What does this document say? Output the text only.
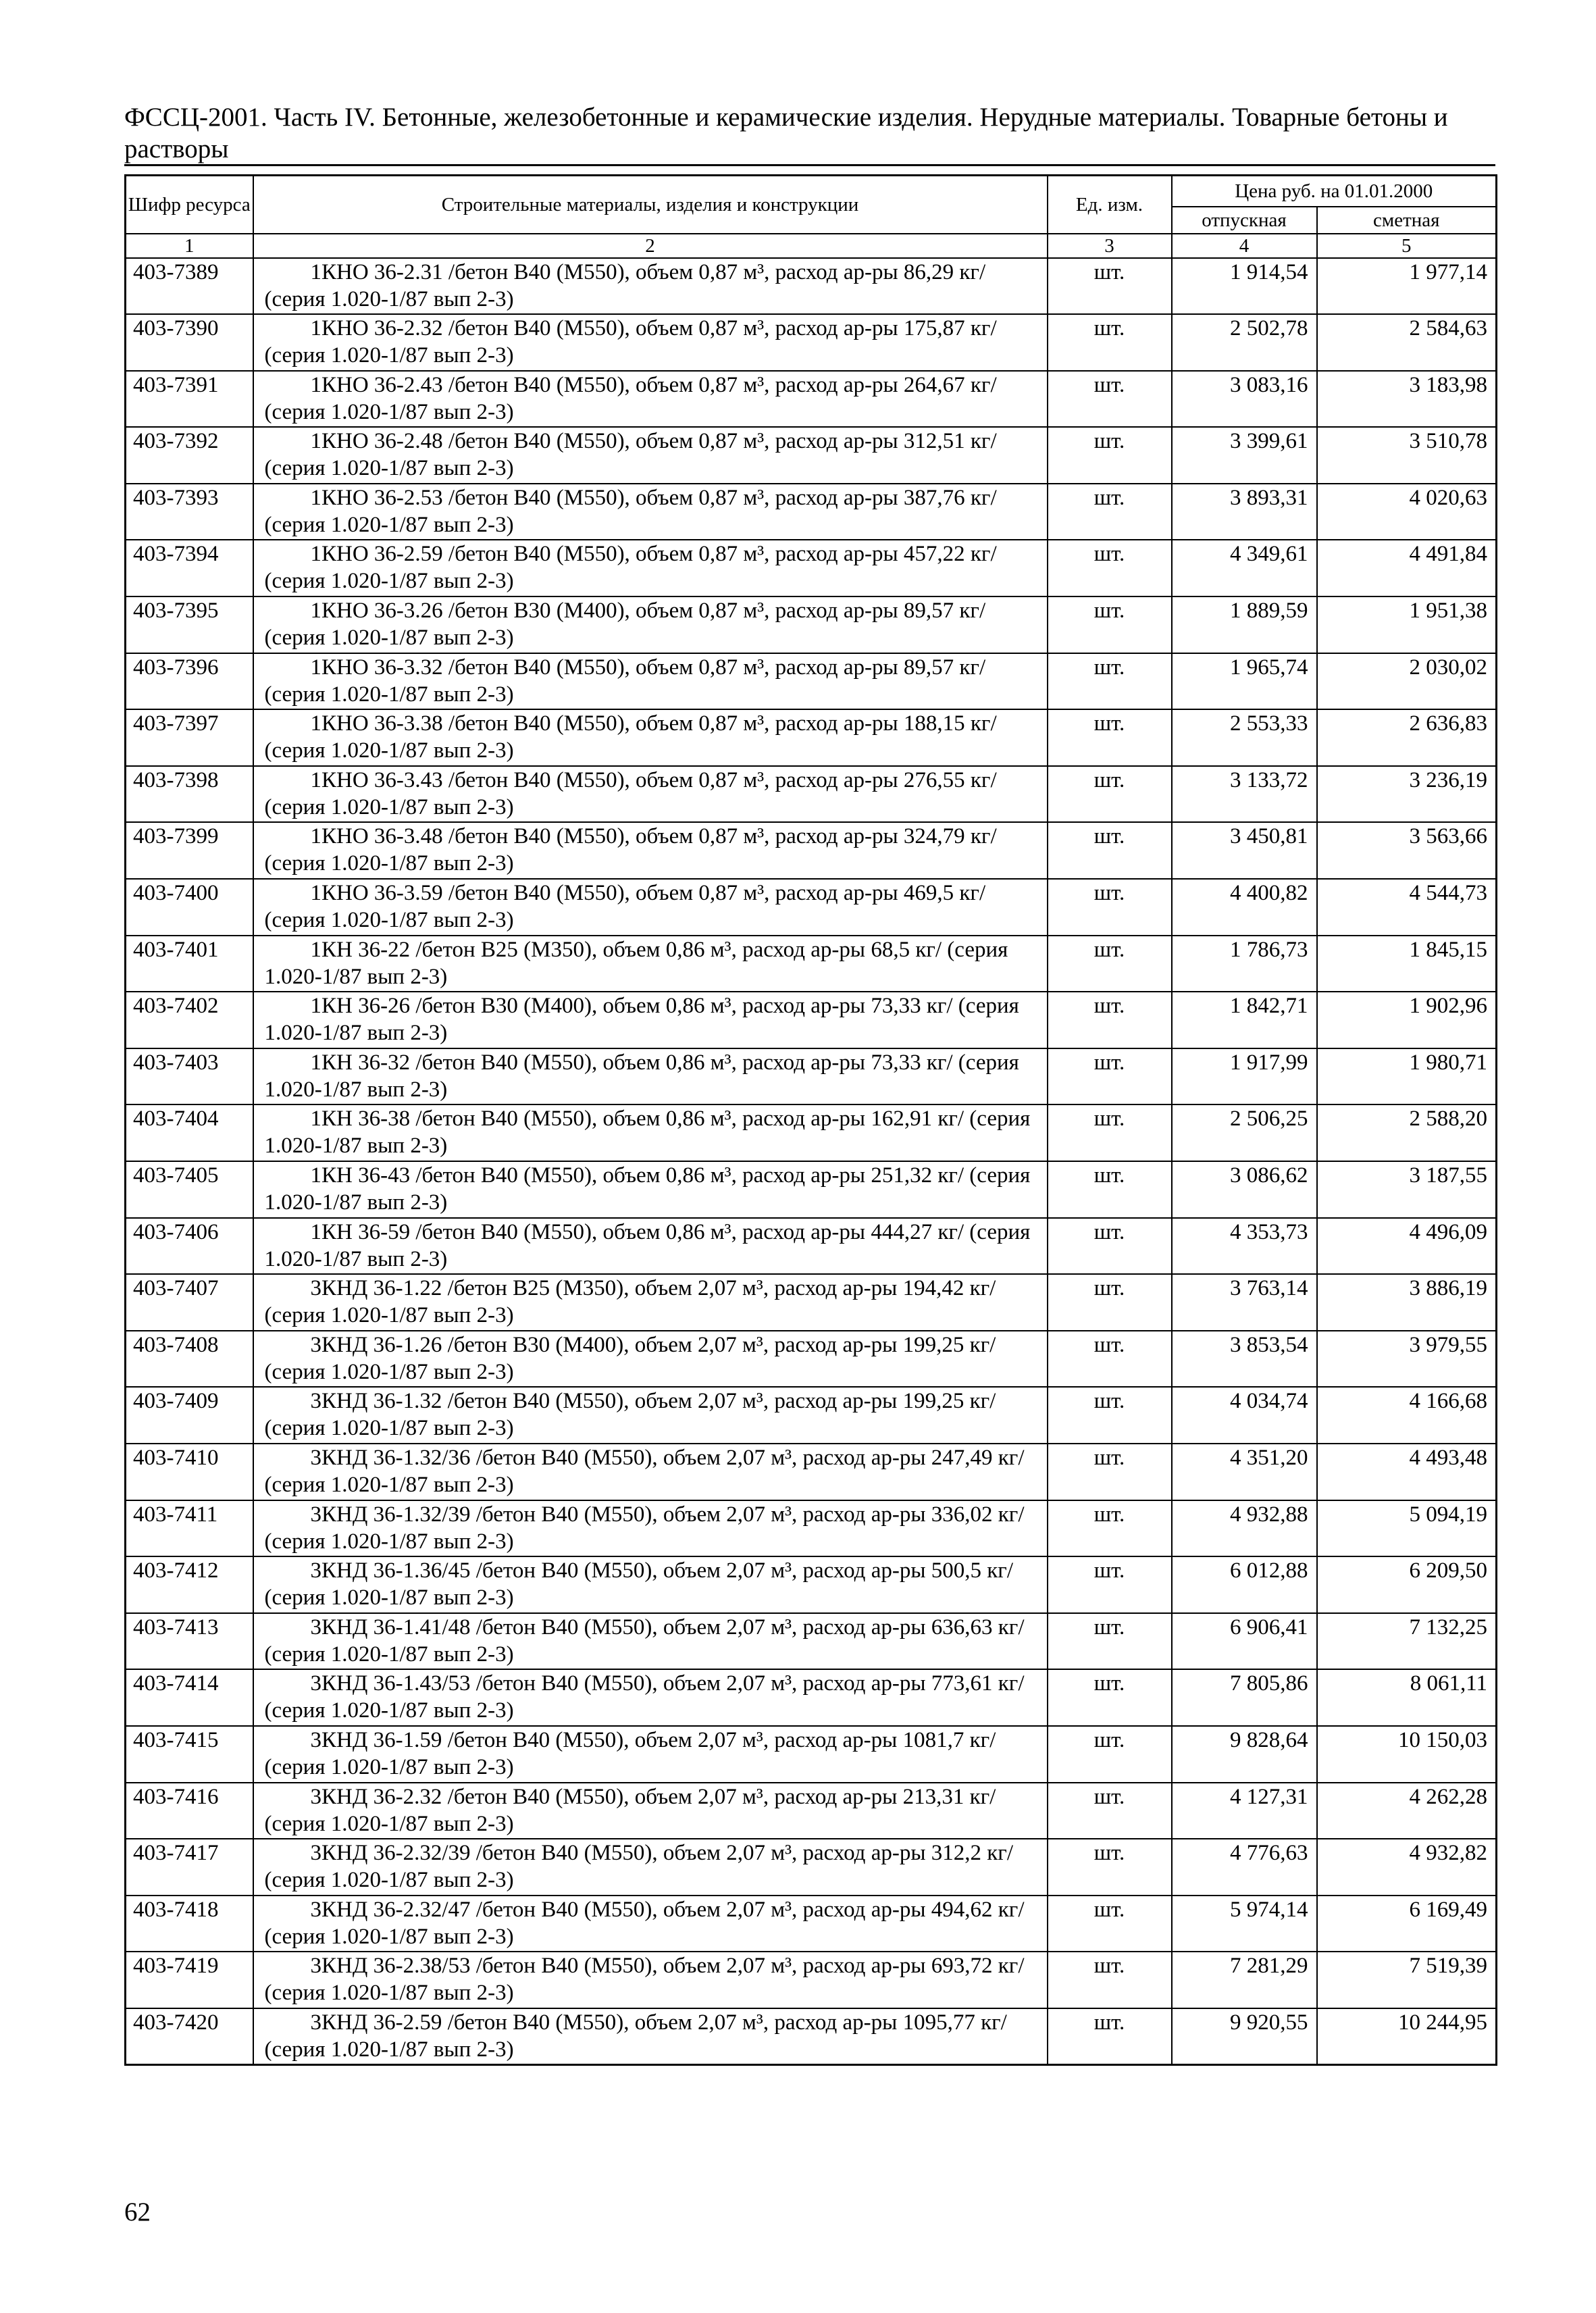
ФССЦ-2001. Часть IV. Бетонные, железобетонные и керамические изделия. Нерудные материалы. Товарные бетоны и растворы
Шифр ресурса	Строительные материалы, изделия и конструкции	Ед. изм.	Цена руб. на 01.01.2000	
			отпускная	сметная
1	2	3	4	5
403-7389	1КНО 36-2.31 /бетон В40 (М550), объем 0,87 м³, расход ар-ры 86,29 кг/ (серия 1.020-1/87 вып 2-3)	шт.	1 914,54	1 977,14
403-7390	1КНО 36-2.32 /бетон В40 (М550), объем 0,87 м³, расход ар-ры 175,87 кг/ (серия 1.020-1/87 вып 2-3)	шт.	2 502,78	2 584,63
403-7391	1КНО 36-2.43 /бетон В40 (М550), объем 0,87 м³, расход ар-ры 264,67 кг/ (серия 1.020-1/87 вып 2-3)	шт.	3 083,16	3 183,98
403-7392	1КНО 36-2.48 /бетон В40 (М550), объем 0,87 м³, расход ар-ры 312,51 кг/ (серия 1.020-1/87 вып 2-3)	шт.	3 399,61	3 510,78
403-7393	1КНО 36-2.53 /бетон В40 (М550), объем 0,87 м³, расход ар-ры 387,76 кг/ (серия 1.020-1/87 вып 2-3)	шт.	3 893,31	4 020,63
403-7394	1КНО 36-2.59 /бетон В40 (М550), объем 0,87 м³, расход ар-ры 457,22 кг/ (серия 1.020-1/87 вып 2-3)	шт.	4 349,61	4 491,84
403-7395	1КНО 36-3.26 /бетон В30 (М400), объем 0,87 м³, расход ар-ры 89,57 кг/ (серия 1.020-1/87 вып 2-3)	шт.	1 889,59	1 951,38
403-7396	1КНО 36-3.32 /бетон В40 (М550), объем 0,87 м³, расход ар-ры 89,57 кг/ (серия 1.020-1/87 вып 2-3)	шт.	1 965,74	2 030,02
403-7397	1КНО 36-3.38 /бетон В40 (М550), объем 0,87 м³, расход ар-ры 188,15 кг/ (серия 1.020-1/87 вып 2-3)	шт.	2 553,33	2 636,83
403-7398	1КНО 36-3.43 /бетон В40 (М550), объем 0,87 м³, расход ар-ры 276,55 кг/ (серия 1.020-1/87 вып 2-3)	шт.	3 133,72	3 236,19
403-7399	1КНО 36-3.48 /бетон В40 (М550), объем 0,87 м³, расход ар-ры 324,79 кг/ (серия 1.020-1/87 вып 2-3)	шт.	3 450,81	3 563,66
403-7400	1КНО 36-3.59 /бетон В40 (М550), объем 0,87 м³, расход ар-ры 469,5 кг/ (серия 1.020-1/87 вып 2-3)	шт.	4 400,82	4 544,73
403-7401	1КН 36-22 /бетон В25 (М350), объем 0,86 м³, расход ар-ры 68,5 кг/ (серия 1.020-1/87 вып 2-3)	шт.	1 786,73	1 845,15
403-7402	1КН 36-26 /бетон В30 (М400), объем 0,86 м³, расход ар-ры 73,33 кг/ (серия 1.020-1/87 вып 2-3)	шт.	1 842,71	1 902,96
403-7403	1КН 36-32 /бетон В40 (М550), объем 0,86 м³, расход ар-ры 73,33 кг/ (серия 1.020-1/87 вып 2-3)	шт.	1 917,99	1 980,71
403-7404	1КН 36-38 /бетон В40 (М550), объем 0,86 м³, расход ар-ры 162,91 кг/ (серия 1.020-1/87 вып 2-3)	шт.	2 506,25	2 588,20
403-7405	1КН 36-43 /бетон В40 (М550), объем 0,86 м³, расход ар-ры 251,32 кг/ (серия 1.020-1/87 вып 2-3)	шт.	3 086,62	3 187,55
403-7406	1КН 36-59 /бетон В40 (М550), объем 0,86 м³, расход ар-ры 444,27 кг/ (серия 1.020-1/87 вып 2-3)	шт.	4 353,73	4 496,09
403-7407	3КНД 36-1.22 /бетон В25 (М350), объем 2,07 м³, расход ар-ры 194,42 кг/ (серия 1.020-1/87 вып 2-3)	шт.	3 763,14	3 886,19
403-7408	3КНД 36-1.26 /бетон В30 (М400), объем 2,07 м³, расход ар-ры 199,25 кг/ (серия 1.020-1/87 вып 2-3)	шт.	3 853,54	3 979,55
403-7409	3КНД 36-1.32 /бетон В40 (М550), объем 2,07 м³, расход ар-ры 199,25 кг/ (серия 1.020-1/87 вып 2-3)	шт.	4 034,74	4 166,68
403-7410	3КНД 36-1.32/36 /бетон В40 (М550), объем 2,07 м³, расход ар-ры 247,49 кг/ (серия 1.020-1/87 вып 2-3)	шт.	4 351,20	4 493,48
403-7411	3КНД 36-1.32/39 /бетон В40 (М550), объем 2,07 м³, расход ар-ры 336,02 кг/ (серия 1.020-1/87 вып 2-3)	шт.	4 932,88	5 094,19
403-7412	3КНД 36-1.36/45 /бетон В40 (М550), объем 2,07 м³, расход ар-ры 500,5 кг/ (серия 1.020-1/87 вып 2-3)	шт.	6 012,88	6 209,50
403-7413	3КНД 36-1.41/48 /бетон В40 (М550), объем 2,07 м³, расход ар-ры 636,63 кг/ (серия 1.020-1/87 вып 2-3)	шт.	6 906,41	7 132,25
403-7414	3КНД 36-1.43/53 /бетон В40 (М550), объем 2,07 м³, расход ар-ры 773,61 кг/ (серия 1.020-1/87 вып 2-3)	шт.	7 805,86	8 061,11
403-7415	3КНД 36-1.59 /бетон В40 (М550), объем 2,07 м³, расход ар-ры 1081,7 кг/ (серия 1.020-1/87 вып 2-3)	шт.	9 828,64	10 150,03
403-7416	3КНД 36-2.32 /бетон В40 (М550), объем 2,07 м³, расход ар-ры 213,31 кг/ (серия 1.020-1/87 вып 2-3)	шт.	4 127,31	4 262,28
403-7417	3КНД 36-2.32/39 /бетон В40 (М550), объем 2,07 м³, расход ар-ры 312,2 кг/ (серия 1.020-1/87 вып 2-3)	шт.	4 776,63	4 932,82
403-7418	3КНД 36-2.32/47 /бетон В40 (М550), объем 2,07 м³, расход ар-ры 494,62 кг/ (серия 1.020-1/87 вып 2-3)	шт.	5 974,14	6 169,49
403-7419	3КНД 36-2.38/53 /бетон В40 (М550), объем 2,07 м³, расход ар-ры 693,72 кг/ (серия 1.020-1/87 вып 2-3)	шт.	7 281,29	7 519,39
403-7420	3КНД 36-2.59 /бетон В40 (М550), объем 2,07 м³, расход ар-ры 1095,77 кг/ (серия 1.020-1/87 вып 2-3)	шт.	9 920,55	10 244,95
62
